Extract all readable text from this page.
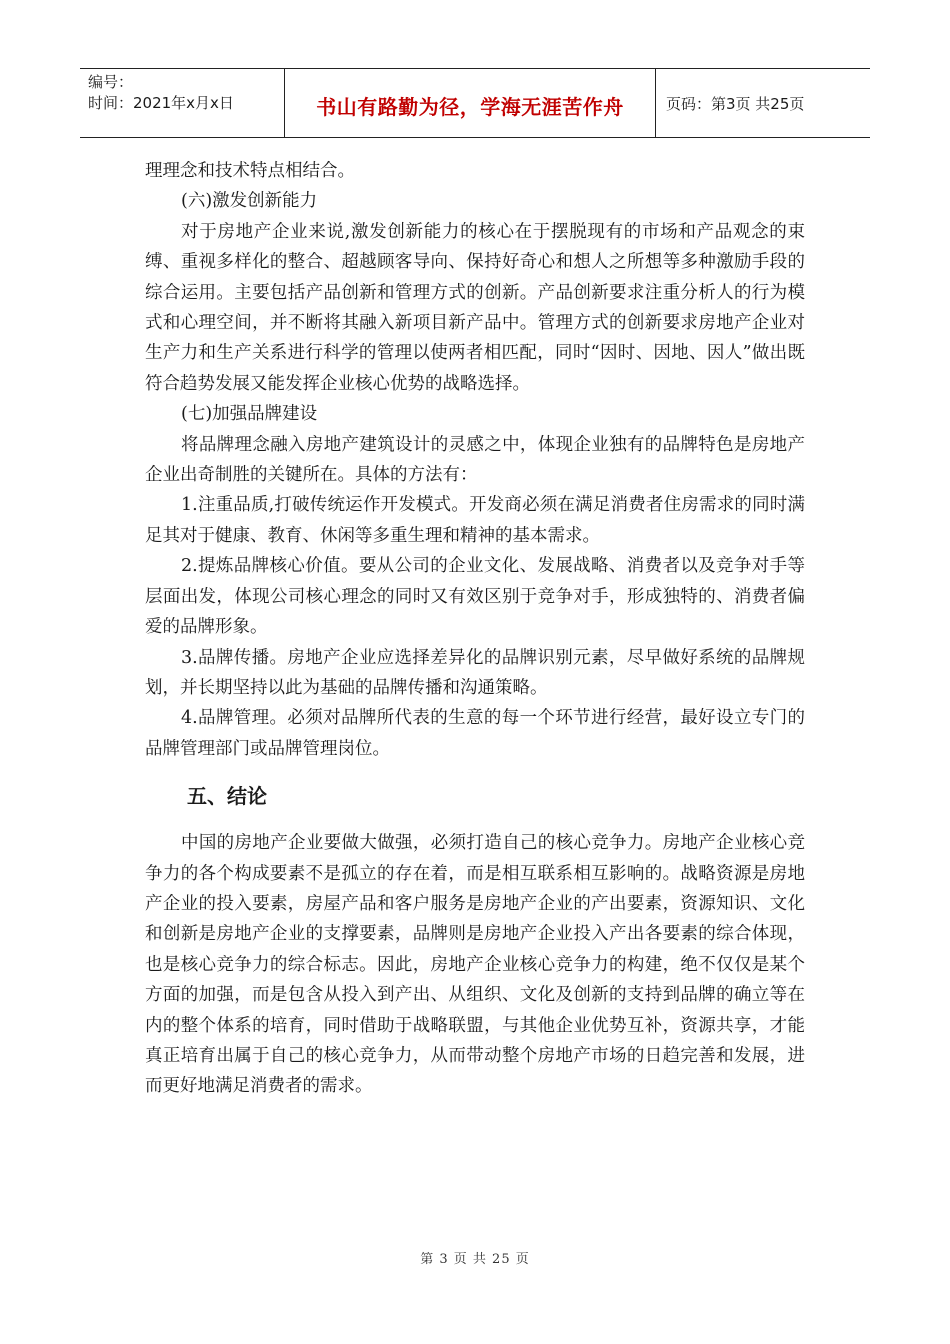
编号：
时间：2021年x月x日	书山有路勤为径，学海无涯苦作舟	页码：第3页 共25页

理理念和技术特点相结合。

(六)激发创新能力

对于房地产企业来说,激发创新能力的核心在于摆脱现有的市场和产品观念的束缚、重视多样化的整合、超越顾客导向、保持好奇心和想人之所想等多种激励手段的综合运用。主要包括产品创新和管理方式的创新。产品创新要求注重分析人的行为模式和心理空间，并不断将其融入新项目新产品中。管理方式的创新要求房地产企业对生产力和生产关系进行科学的管理以使两者相匹配，同时“因时、因地、因人”做出既符合趋势发展又能发挥企业核心优势的战略选择。

(七)加强品牌建设

将品牌理念融入房地产建筑设计的灵感之中，体现企业独有的品牌特色是房地产企业出奇制胜的关键所在。具体的方法有：

1.注重品质,打破传统运作开发模式。开发商必须在满足消费者住房需求的同时满足其对于健康、教育、休闲等多重生理和精神的基本需求。

2.提炼品牌核心价值。要从公司的企业文化、发展战略、消费者以及竞争对手等层面出发，体现公司核心理念的同时又有效区别于竞争对手，形成独特的、消费者偏爱的品牌形象。

3.品牌传播。房地产企业应选择差异化的品牌识别元素，尽早做好系统的品牌规划，并长期坚持以此为基础的品牌传播和沟通策略。

4.品牌管理。必须对品牌所代表的生意的每一个环节进行经营，最好设立专门的品牌管理部门或品牌管理岗位。

五、结论

中国的房地产企业要做大做强，必须打造自己的核心竞争力。房地产企业核心竞争力的各个构成要素不是孤立的存在着，而是相互联系相互影响的。战略资源是房地产企业的投入要素，房屋产品和客户服务是房地产企业的产出要素，资源知识、文化和创新是房地产企业的支撑要素，品牌则是房地产企业投入产出各要素的综合体现，也是核心竞争力的综合标志。因此，房地产企业核心竞争力的构建，绝不仅仅是某个方面的加强，而是包含从投入到产出、从组织、文化及创新的支持到品牌的确立等在内的整个体系的培育，同时借助于战略联盟，与其他企业优势互补，资源共享，才能真正培育出属于自己的核心竞争力，从而带动整个房地产市场的日趋完善和发展，进而更好地满足消费者的需求。

第 3 页 共 25 页
